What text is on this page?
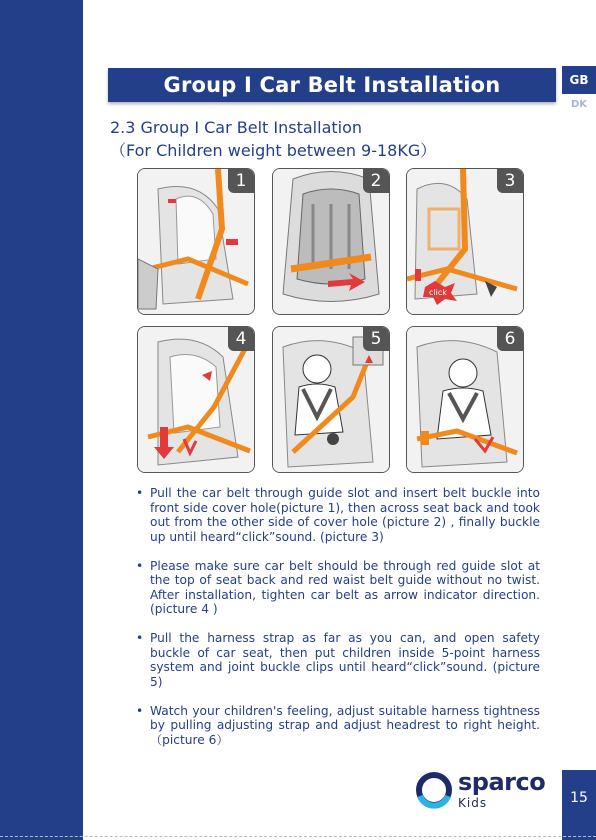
GB
DK
Group I Car Belt Installation
2.3 Group I Car Belt Installation
（For Children weight between 9-18KG）
1	2
click
3
4	5	6
• Pull the car belt through guide slot and insert belt buckle into front side cover hole(picture 1), then across seat back and took out from the other side of cover hole (picture 2) , finally buckle up until heard“click”sound. (picture 3)
• Please make sure car belt should be through red guide slot at the top of seat back and red waist belt guide without no twist. After installation, tighten car belt as arrow indicator direction. (picture 4 )
• Pull the harness strap as far as you can, and open safety buckle of car seat, then put children inside 5-point harness system and joint buckle clips until heard“click”sound. (picture 5)
• Watch your children's feeling, adjust suitable harness tightness by pulling adjusting strap and adjust headrest to right height.（picture 6）
sparco
Kids	15
